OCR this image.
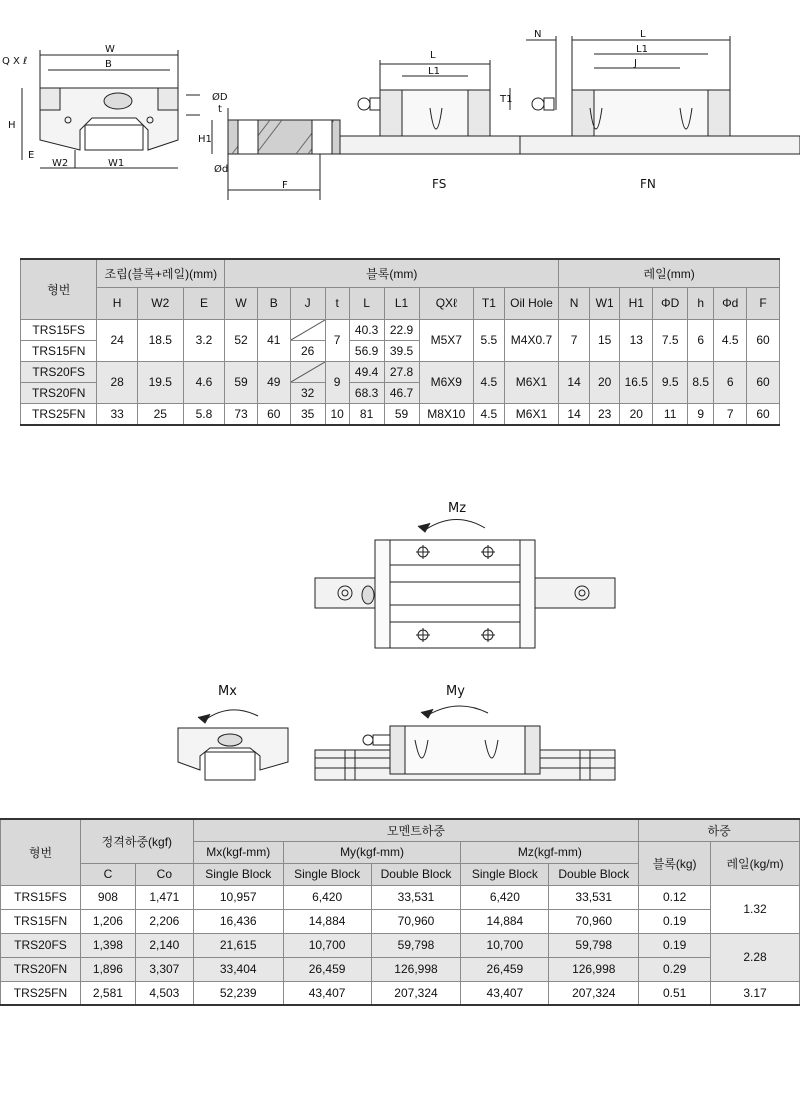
Q X ℓ
W
B
H
E
W2	W1
ØD
t
H1
Ød
F
L
L1
N
T1
L
L1
J
FS	FN
형번	조립(블록+레일)(mm)			블록(mm)									레일(mm)						
	H	W2	E	W	B	J	t	L	L1	QXℓ	T1	Oil Hole	N	W1	H1	ΦD	h	Φd	F
TRS15FS	24	18.5	3.2	52	41		7	40.3	22.9	M5X7	5.5	M4X0.7	7	15	13	7.5	6	4.5	60
TRS15FN						26		56.9	39.5										
TRS20FS	28	19.5	4.6	59	49		9	49.4	27.8	M6X9	4.5	M6X1	14	20	16.5	9.5	8.5	6	60
TRS20FN						32		68.3	46.7										
TRS25FN	33	25	5.8	73	60	35	10	81	59	M8X10	4.5	M6X1	14	23	20	11	9	7	60
Mz
Mx	My
형번	정격하중(kgf)		모멘트하중					하중	
			Mx(kgf-mm)	My(kgf-mm)		Mz(kgf-mm)		블록(kg)	레일(kg/m)
	C	Co	Single Block	Single Block	Double Block	Single Block	Double Block		
TRS15FS	908	1,471	10,957	6,420	33,531	6,420	33,531	0.12	1.32
TRS15FN	1,206	2,206	16,436	14,884	70,960	14,884	70,960	0.19	
TRS20FS	1,398	2,140	21,615	10,700	59,798	10,700	59,798	0.19	2.28
TRS20FN	1,896	3,307	33,404	26,459	126,998	26,459	126,998	0.29	
TRS25FN	2,581	4,503	52,239	43,407	207,324	43,407	207,324	0.51	3.17
